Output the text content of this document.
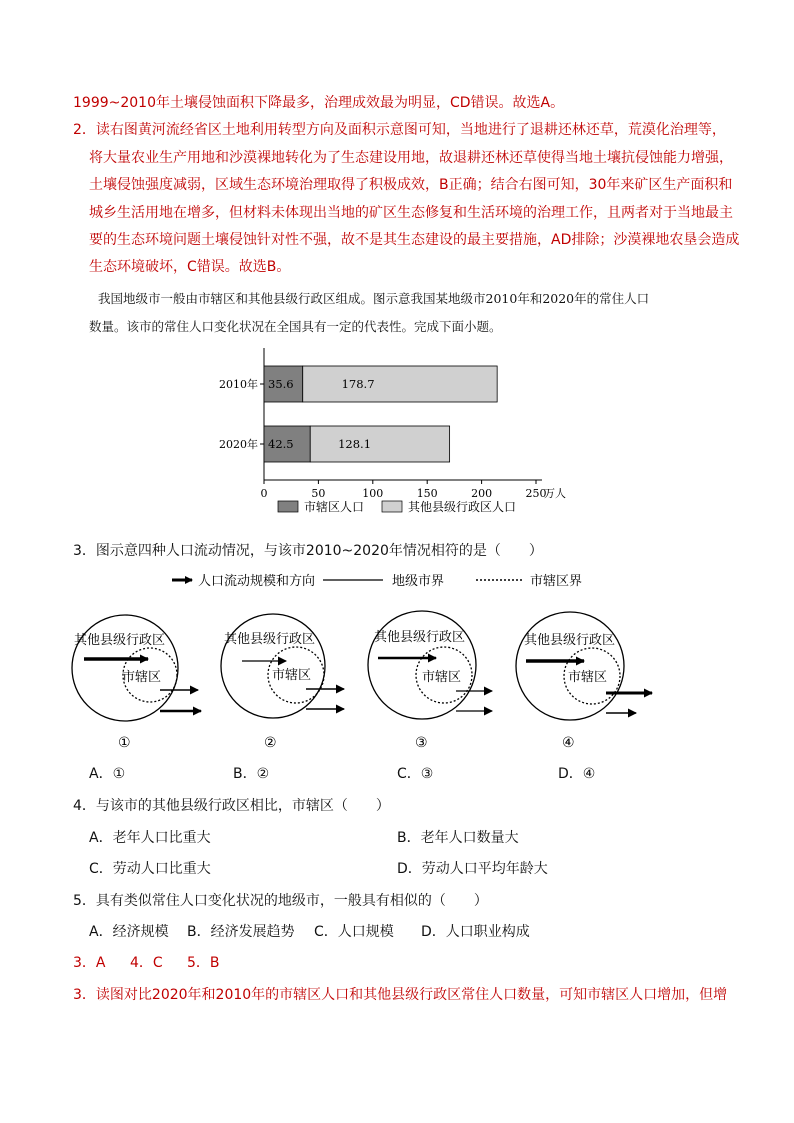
1999~2010年土壤侵蚀面积下降最多，治理成效最为明显，CD错误。故选A。
2．读右图黄河流经省区土地利用转型方向及面积示意图可知，当地进行了退耕还林还草，荒漠化治理等，
将大量农业生产用地和沙漠裸地转化为了生态建设用地，故退耕还林还草使得当地土壤抗侵蚀能力增强，
土壤侵蚀强度减弱，区域生态环境治理取得了积极成效，B正确；结合右图可知，30年来矿区生产面积和
城乡生活用地在增多，但材料未体现出当地的矿区生态修复和生活环境的治理工作，且两者对于当地最主
要的生态环境问题土壤侵蚀针对性不强，故不是其生态建设的最主要措施，AD排除；沙漠裸地农垦会造成
生态环境破坏，C错误。故选B。
我国地级市一般由市辖区和其他县级行政区组成。图示意我国某地级市2010年和2020年的常住人口
数量。该市的常住人口变化状况在全国具有一定的代表性。完成下面小题。
0	50	100	150	200	250
万人
2010年 35.6	178.7
2020年 42.5	128.1
市辖区人口	其他县级行政区人口
3．图示意四种人口流动情况，与该市2010~2020年情况相符的是（　　）
人口流动规模和方向	地级市界	市辖区界
其他县级行政区
市辖区
①
其他县级行政区
市辖区
②
其他县级行政区
市辖区
③
其他县级行政区
市辖区
④
A．①	B．②	C．③	D．④
4．与该市的其他县级行政区相比，市辖区（　　）
A．老年人口比重大	B．老年人口数量大
C．劳动人口比重大	D．劳动人口平均年龄大
5．具有类似常住人口变化状况的地级市，一般具有相似的（　　）
A．经济规模 B．经济发展趋势 C．人口规模 D．人口职业构成
3．A 4．C 5．B
3．读图对比2020年和2010年的市辖区人口和其他县级行政区常住人口数量，可知市辖区人口增加，但增
